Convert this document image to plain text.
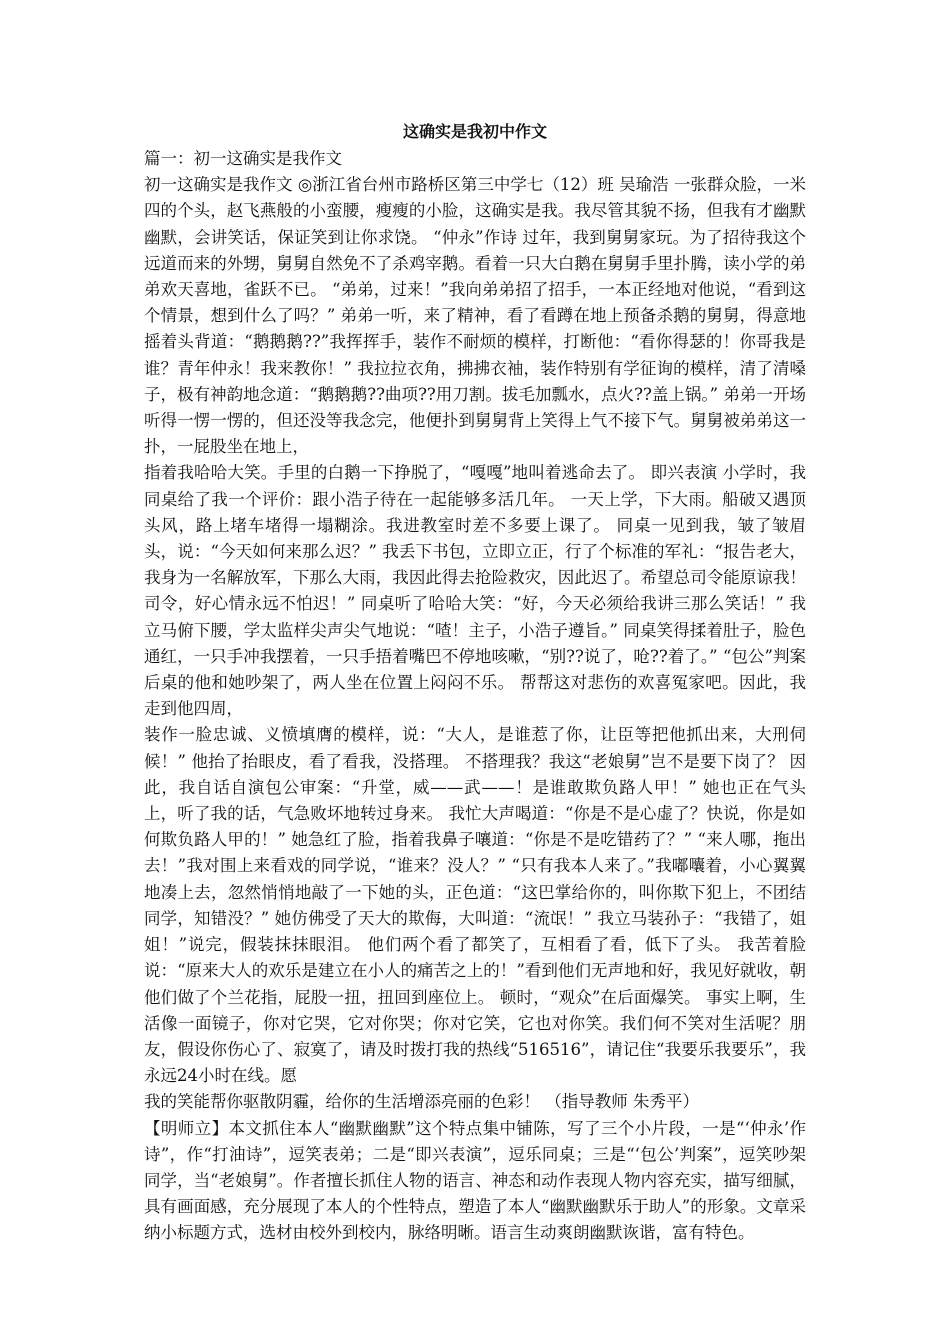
这确实是我初中作文

篇一：初一这确实是我作文

初一这确实是我作文 ◎浙江省台州市路桥区第三中学七（12）班 吴瑜浩 一张群众脸，一米四的个头，赵飞燕般的小蛮腰，瘦瘦的小脸，这确实是我。我尽管其貌不扬，但我有才幽默幽默，会讲笑话，保证笑到让你求饶。 “仲永”作诗 过年，我到舅舅家玩。为了招待我这个远道而来的外甥，舅舅自然免不了杀鸡宰鹅。看着一只大白鹅在舅舅手里扑腾，读小学的弟弟欢天喜地，雀跃不已。 “弟弟，过来！”我向弟弟招了招手，一本正经地对他说，“看到这个情景，想到什么了吗？” 弟弟一听，来了精神，看了看蹲在地上预备杀鹅的舅舅，得意地摇着头背道：“鹅鹅鹅??”我挥挥手，装作不耐烦的模样，打断他：“看你得瑟的！你哥我是谁？青年仲永！我来教你！” 我拉拉衣角，拂拂衣袖，装作特别有学征询的模样，清了清嗓子，极有神韵地念道：“鹅鹅鹅??曲项??用刀割。拔毛加瓢水，点火??盖上锅。” 弟弟一开场听得一愣一愣的，但还没等我念完，他便扑到舅舅背上笑得上气不接下气。舅舅被弟弟这一扑，一屁股坐在地上，

指着我哈哈大笑。手里的白鹅一下挣脱了，“嘎嘎”地叫着逃命去了。 即兴表演 小学时，我同桌给了我一个评价：跟小浩子待在一起能够多活几年。 一天上学，下大雨。船破又遇顶头风，路上堵车堵得一塌糊涂。我进教室时差不多要上课了。 同桌一见到我，皱了皱眉头，说：“今天如何来那么迟？” 我丢下书包，立即立正，行了个标准的军礼：“报告老大，我身为一名解放军，下那么大雨，我因此得去抢险救灾，因此迟了。希望总司令能原谅我！司令，好心情永远不怕迟！” 同桌听了哈哈大笑：“好，今天必须给我讲三那么笑话！” 我立马俯下腰，学太监样尖声尖气地说：“喳！主子，小浩子遵旨。” 同桌笑得揉着肚子，脸色通红，一只手冲我摆着，一只手捂着嘴巴不停地咳嗽，“别??说了，呛??着了。” “包公”判案 后桌的他和她吵架了，两人坐在位置上闷闷不乐。 帮帮这对悲伤的欢喜冤家吧。因此，我走到他四周，

装作一脸忠诚、义愤填膺的模样，说：“大人，是谁惹了你，让臣等把他抓出来，大刑伺候！” 他抬了抬眼皮，看了看我，没搭理。 不搭理我？我这“老娘舅”岂不是要下岗了？ 因此，我自话自演包公审案：“升堂，威——武——！是谁敢欺负路人甲！” 她也正在气头上，听了我的话，气急败坏地转过身来。 我忙大声喝道：“你是不是心虚了？快说，你是如何欺负路人甲的！” 她急红了脸，指着我鼻子嚷道：“你是不是吃错药了？” “来人哪，拖出去！”我对围上来看戏的同学说，“谁来？没人？” “只有我本人来了。”我嘟囔着，小心翼翼地凑上去，忽然悄悄地敲了一下她的头，正色道：“这巴掌给你的，叫你欺下犯上，不团结同学，知错没？” 她仿佛受了天大的欺侮，大叫道：“流氓！” 我立马装孙子：“我错了，姐姐！”说完，假装抹抹眼泪。 他们两个看了都笑了，互相看了看，低下了头。 我苦着脸说：“原来大人的欢乐是建立在小人的痛苦之上的！”看到他们无声地和好，我见好就收，朝他们做了个兰花指，屁股一扭，扭回到座位上。 顿时，“观众”在后面爆笑。 事实上啊，生活像一面镜子，你对它哭，它对你哭；你对它笑，它也对你笑。我们何不笑对生活呢？朋友，假设你伤心了、寂寞了，请及时拨打我的热线“516516”，请记住“我要乐我要乐”，我永远24小时在线。愿

我的笑能帮你驱散阴霾，给你的生活增添亮丽的色彩！ （指导教师 朱秀平）

【明师立】本文抓住本人“幽默幽默”这个特点集中铺陈，写了三个小片段，一是“‘仲永’作诗”，作“打油诗”，逗笑表弟；二是“即兴表演”，逗乐同桌；三是“‘包公’判案”，逗笑吵架同学，当“老娘舅”。作者擅长抓住人物的语言、神态和动作表现人物内容充实，描写细腻，具有画面感，充分展现了本人的个性特点，塑造了本人“幽默幽默乐于助人”的形象。文章采纳小标题方式，选材由校外到校内，脉络明晰。语言生动爽朗幽默诙谐，富有特色。
